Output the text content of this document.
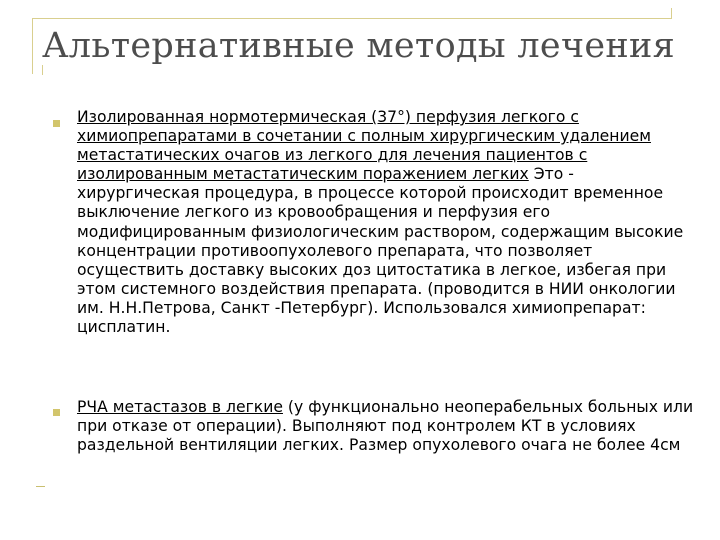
Альтернативные методы лечения
Изолированная нормотермическая (37°) перфузия легкого с химиопрепаратами в сочетании с полным хирургическим удалением метастатических очагов из легкого для лечения пациентов с изолированным метастатическим поражением легких Это - хирургическая процедура, в процессе которой происходит временное выключение легкого из кровообращения и перфузия его модифицированным физиологическим раствором, содержащим высокие концентрации противоопухолевого препарата, что позволяет осуществить доставку высоких доз цитостатика в легкое, избегая при этом системного воздействия препарата. (проводится в НИИ онкологии им. Н.Н.Петрова, Санкт -Петербург). Использовался химиопрепарат: цисплатин.
РЧА метастазов в легкие (у функционально неоперабельных больных или при отказе от операции). Выполняют под контролем КТ в условиях раздельной вентиляции легких. Размер опухолевого очага не более 4см
